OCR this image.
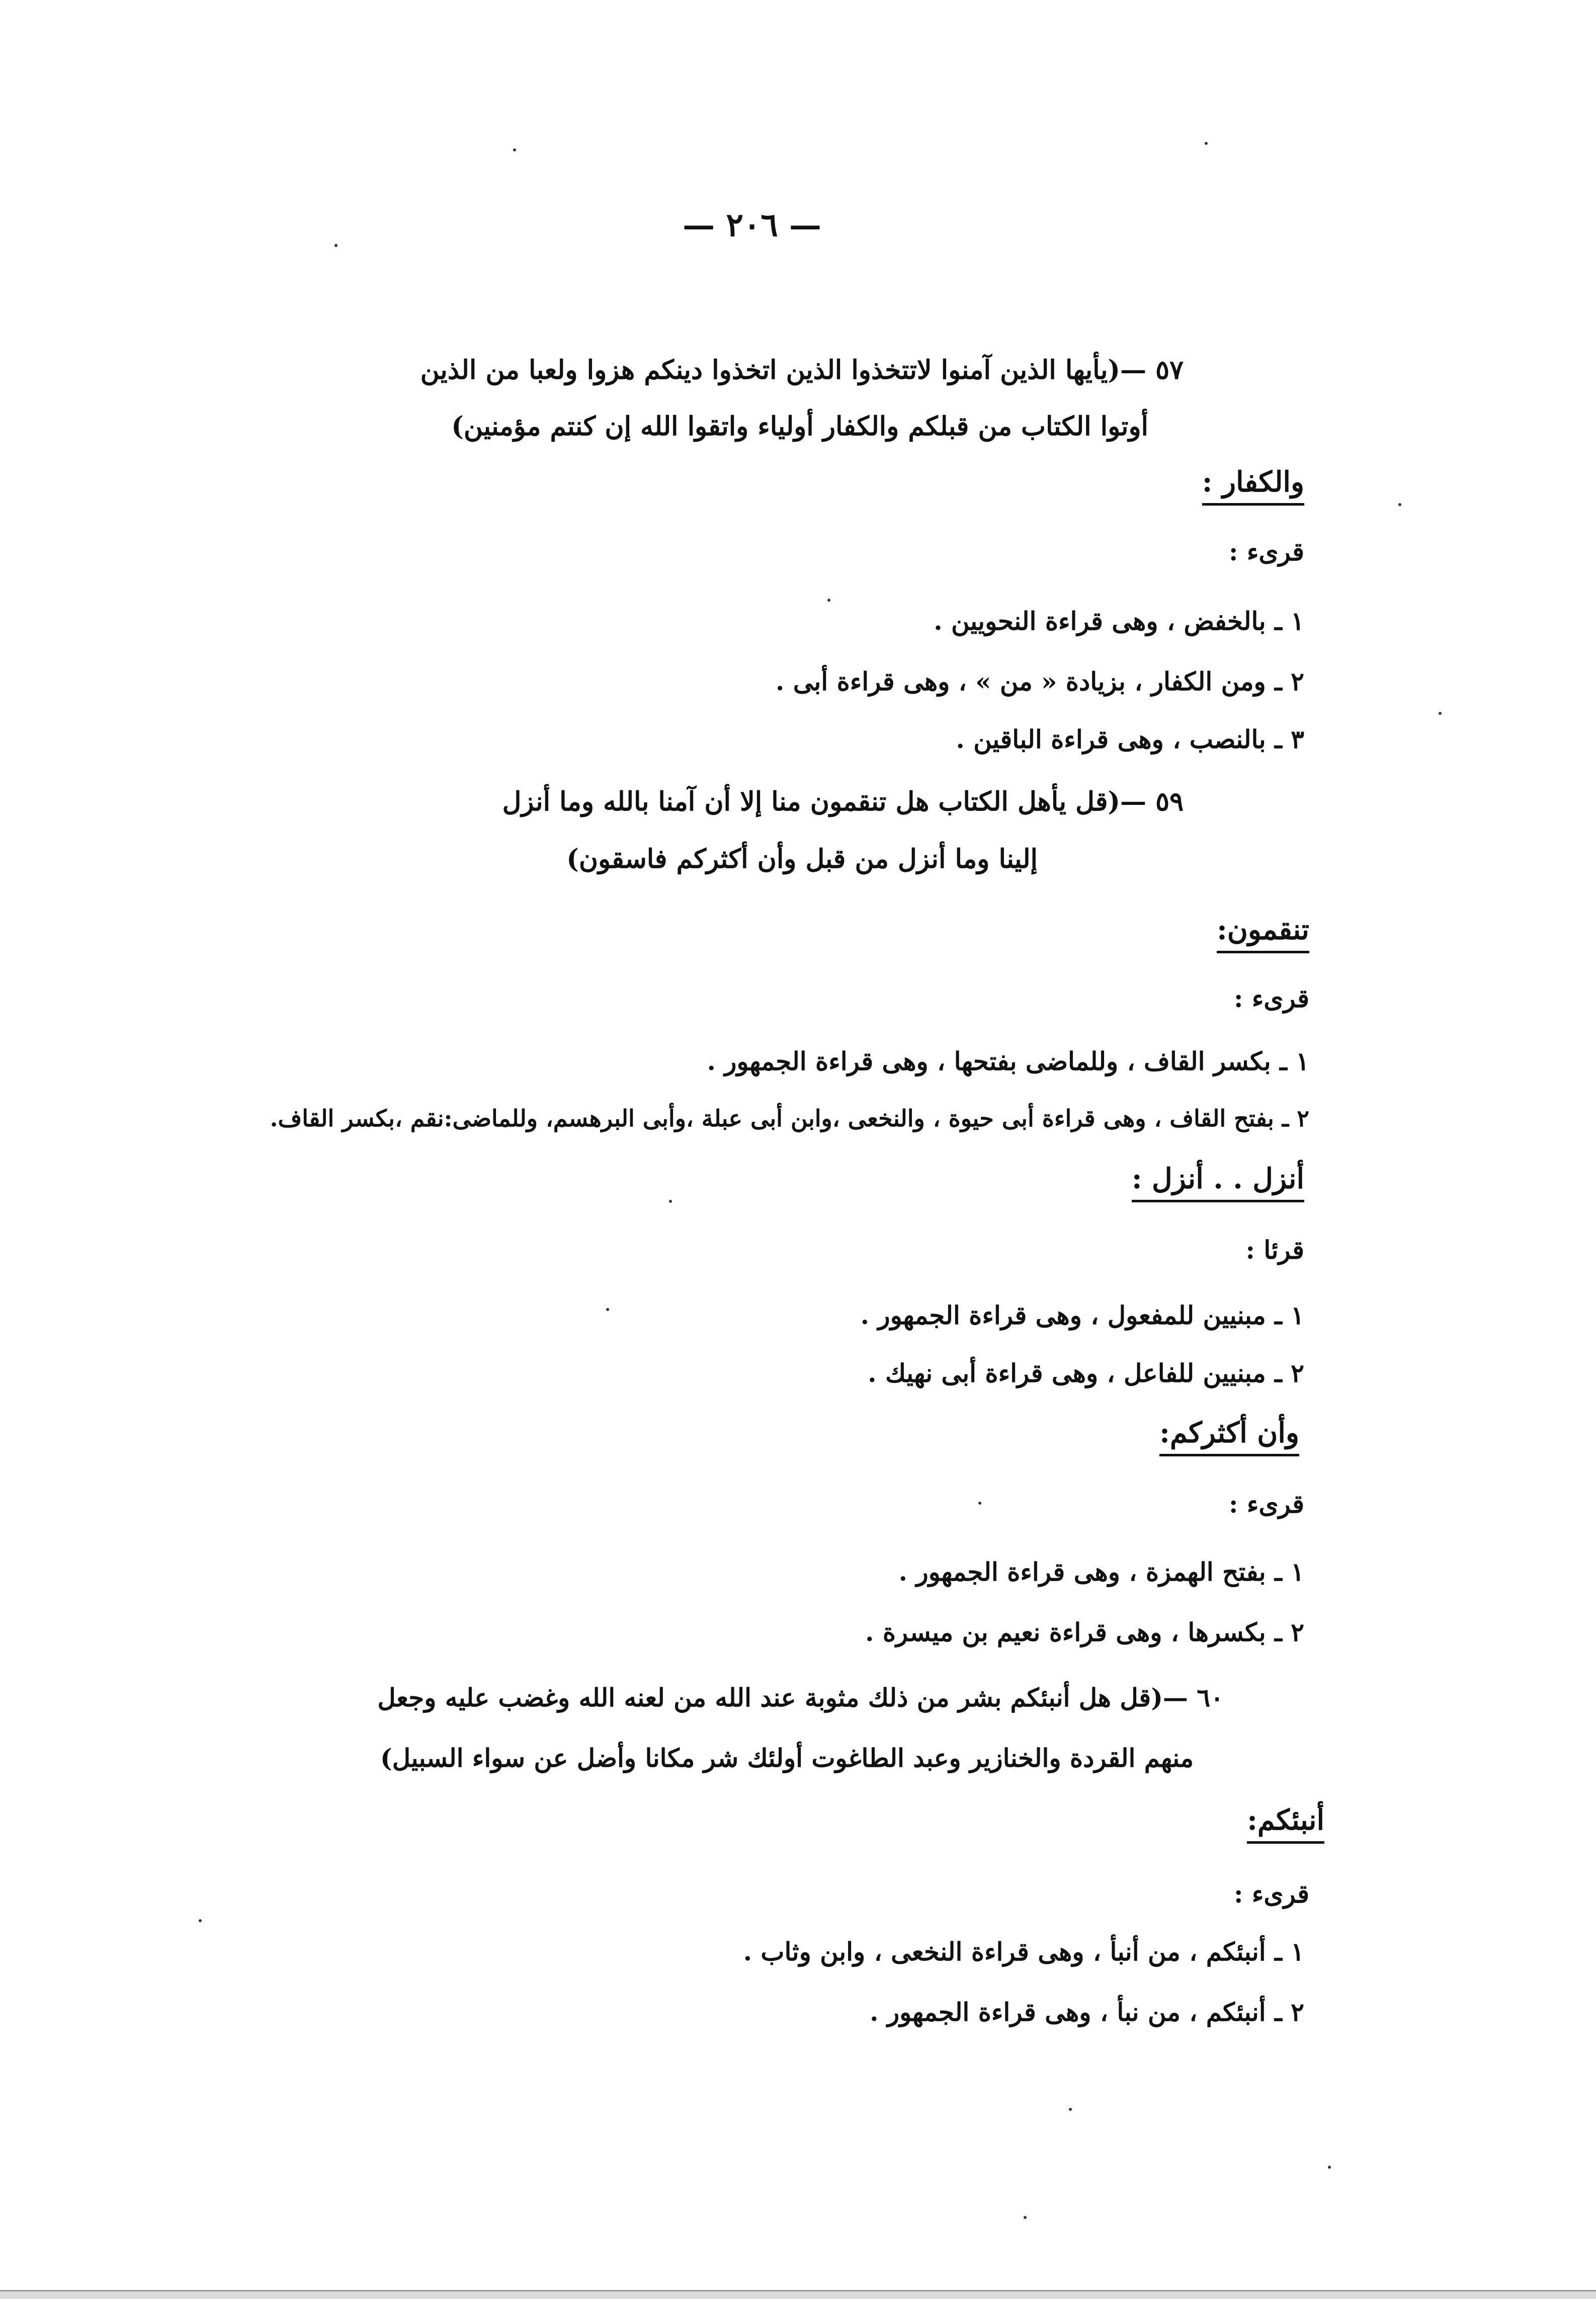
— ٢٠٦ —
٥٧ —(يأيها الذين آمنوا لاتتخذوا الذين اتخذوا دينكم هزوا ولعبا من الذين
أوتوا الكتاب من قبلكم والكفار أولياء واتقوا الله إن كنتم مؤمنين)
والكفار :
قرىء :
١ ـ بالخفض ، وهى قراءة النحويين .
٢ ـ ومن الكفار ، بزيادة « من » ، وهى قراءة أبى .
٣ ـ بالنصب ، وهى قراءة الباقين .
٥٩ —(قل يأهل الكتاب هل تنقمون منا إلا أن آمنا بالله وما أنزل
إلينا وما أنزل من قبل وأن أكثركم فاسقون)
تنقمون:
قرىء :
١ ـ بكسر القاف ، وللماضى بفتحها ، وهى قراءة الجمهور .
٢ ـ بفتح القاف ، وهى قراءة أبى حيوة ، والنخعى ،وابن أبى عبلة ،وأبى البرهسم، وللماضى:نقم ،بكسر القاف.
أنزل . . أنزل :
قرئا :
١ ـ مبنيين للمفعول ، وهى قراءة الجمهور .
٢ ـ مبنيين للفاعل ، وهى قراءة أبى نهيك .
وأن أكثركم:
قرىء :
١ ـ بفتح الهمزة ، وهى قراءة الجمهور .
٢ ـ بكسرها ، وهى قراءة نعيم بن ميسرة .
٦٠ —(قل هل أنبئكم بشر من ذلك مثوبة عند الله من لعنه الله وغضب عليه وجعل
منهم القردة والخنازير وعبد الطاغوت أولئك شر مكانا وأضل عن سواء السبيل)
أنبئكم:
قرىء :
١ ـ أنبئكم ، من أنبأ ، وهى قراءة النخعى ، وابن وثاب .
٢ ـ أنبئكم ، من نبأ ، وهى قراءة الجمهور .
